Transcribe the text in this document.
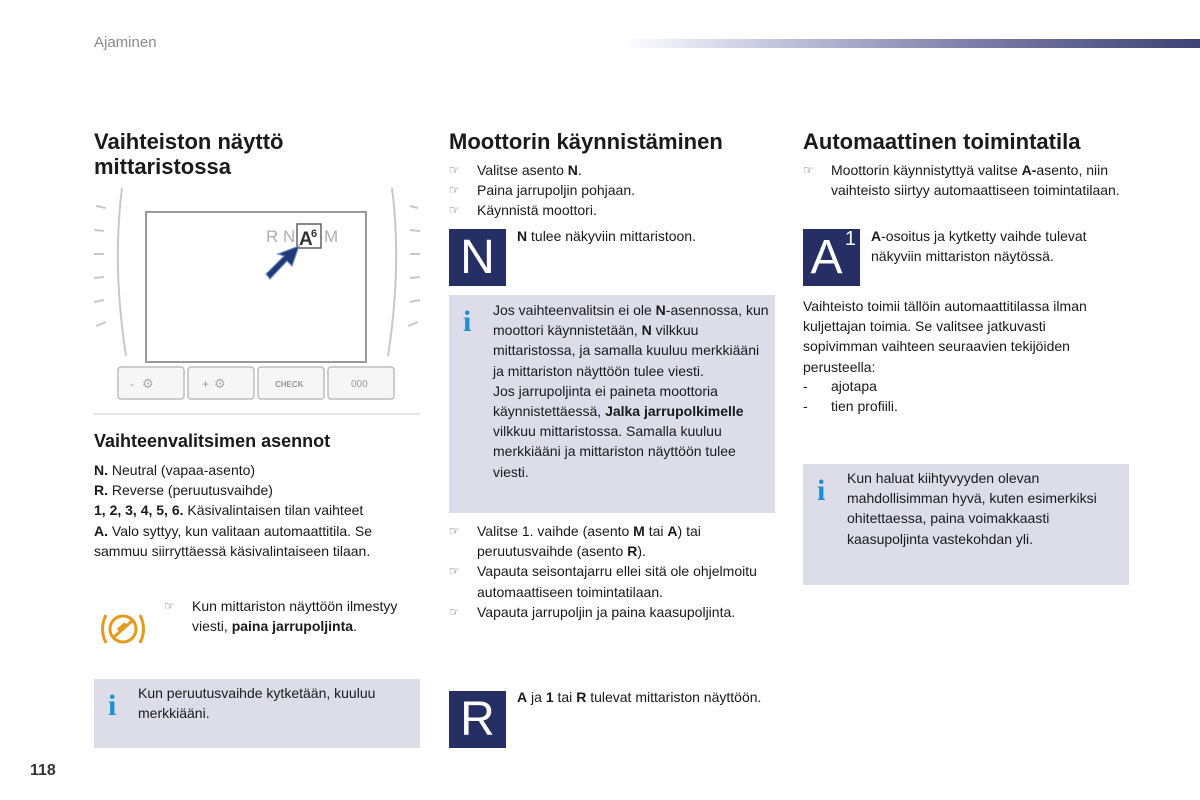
Ajaminen
118
Vaihteiston näyttö
mittaristossa
R N A
6 M
- ⚙	+ ⚙	CHECK	000
Vaihteenvalitsimen asennot

N. Neutral (vapaa-asento)

R. Reverse (peruutusvaihde)

1, 2, 3, 4, 5, 6. Käsivalintaisen tilan vaihteet

A. Valo syttyy, kun valitaan automaattitila. Se sammuu siirryttäessä käsivalintaiseen tilaan.

☞ Kun mittariston näyttöön ilmestyy viesti, paina jarrupoljinta.
i Kun peruutusvaihde kytketään, kuuluu merkkiääni.

Moottorin käynnistäminen
☞ Valitse asento N.
☞ Paina jarrupoljin pohjaan.
☞ Käynnistä moottori.
N	N tulee näkyviin mittaristoon.

i Jos vaihteenvalitsin ei ole N-asennossa, kun moottori käynnistetään, N vilkkuu mittaristossa, ja samalla kuuluu merkkiääni ja mittariston näyttöön tulee viesti.

Jos jarrupoljinta ei paineta moottoria käynnistettäessä, Jalka jarrupolkimelle vilkkuu mittaristossa. Samalla kuuluu merkkiääni ja mittariston näyttöön tulee viesti.

☞ Valitse 1. vaihde (asento M tai A) tai peruutusvaihde (asento R).
☞ Vapauta seisontajarru ellei sitä ole ohjelmoitu automaattiseen toimintatilaan.
☞ Vapauta jarrupoljin ja paina kaasupoljinta.
R	A ja 1 tai R tulevat mittariston näyttöön.

Automaattinen toimintatila
☞ Moottorin käynnistyttyä valitse A-asento, niin vaihteisto siirtyy automaattiseen toimintatilaan.
A 1 A-osoitus ja kytketty vaihde tulevat näkyviin mittariston näytössä.

Vaihteisto toimii tällöin automaattitilassa ilman kuljettajan toimia. Se valitsee jatkuvasti sopivimman vaihteen seuraavien tekijöiden perusteella:

- ajotapa
- tien profiili.
i Kun haluat kiihtyvyyden olevan mahdollisimman hyvä, kuten esimerkiksi ohitettaessa, paina voimakkaasti kaasupoljinta vastekohdan yli.
